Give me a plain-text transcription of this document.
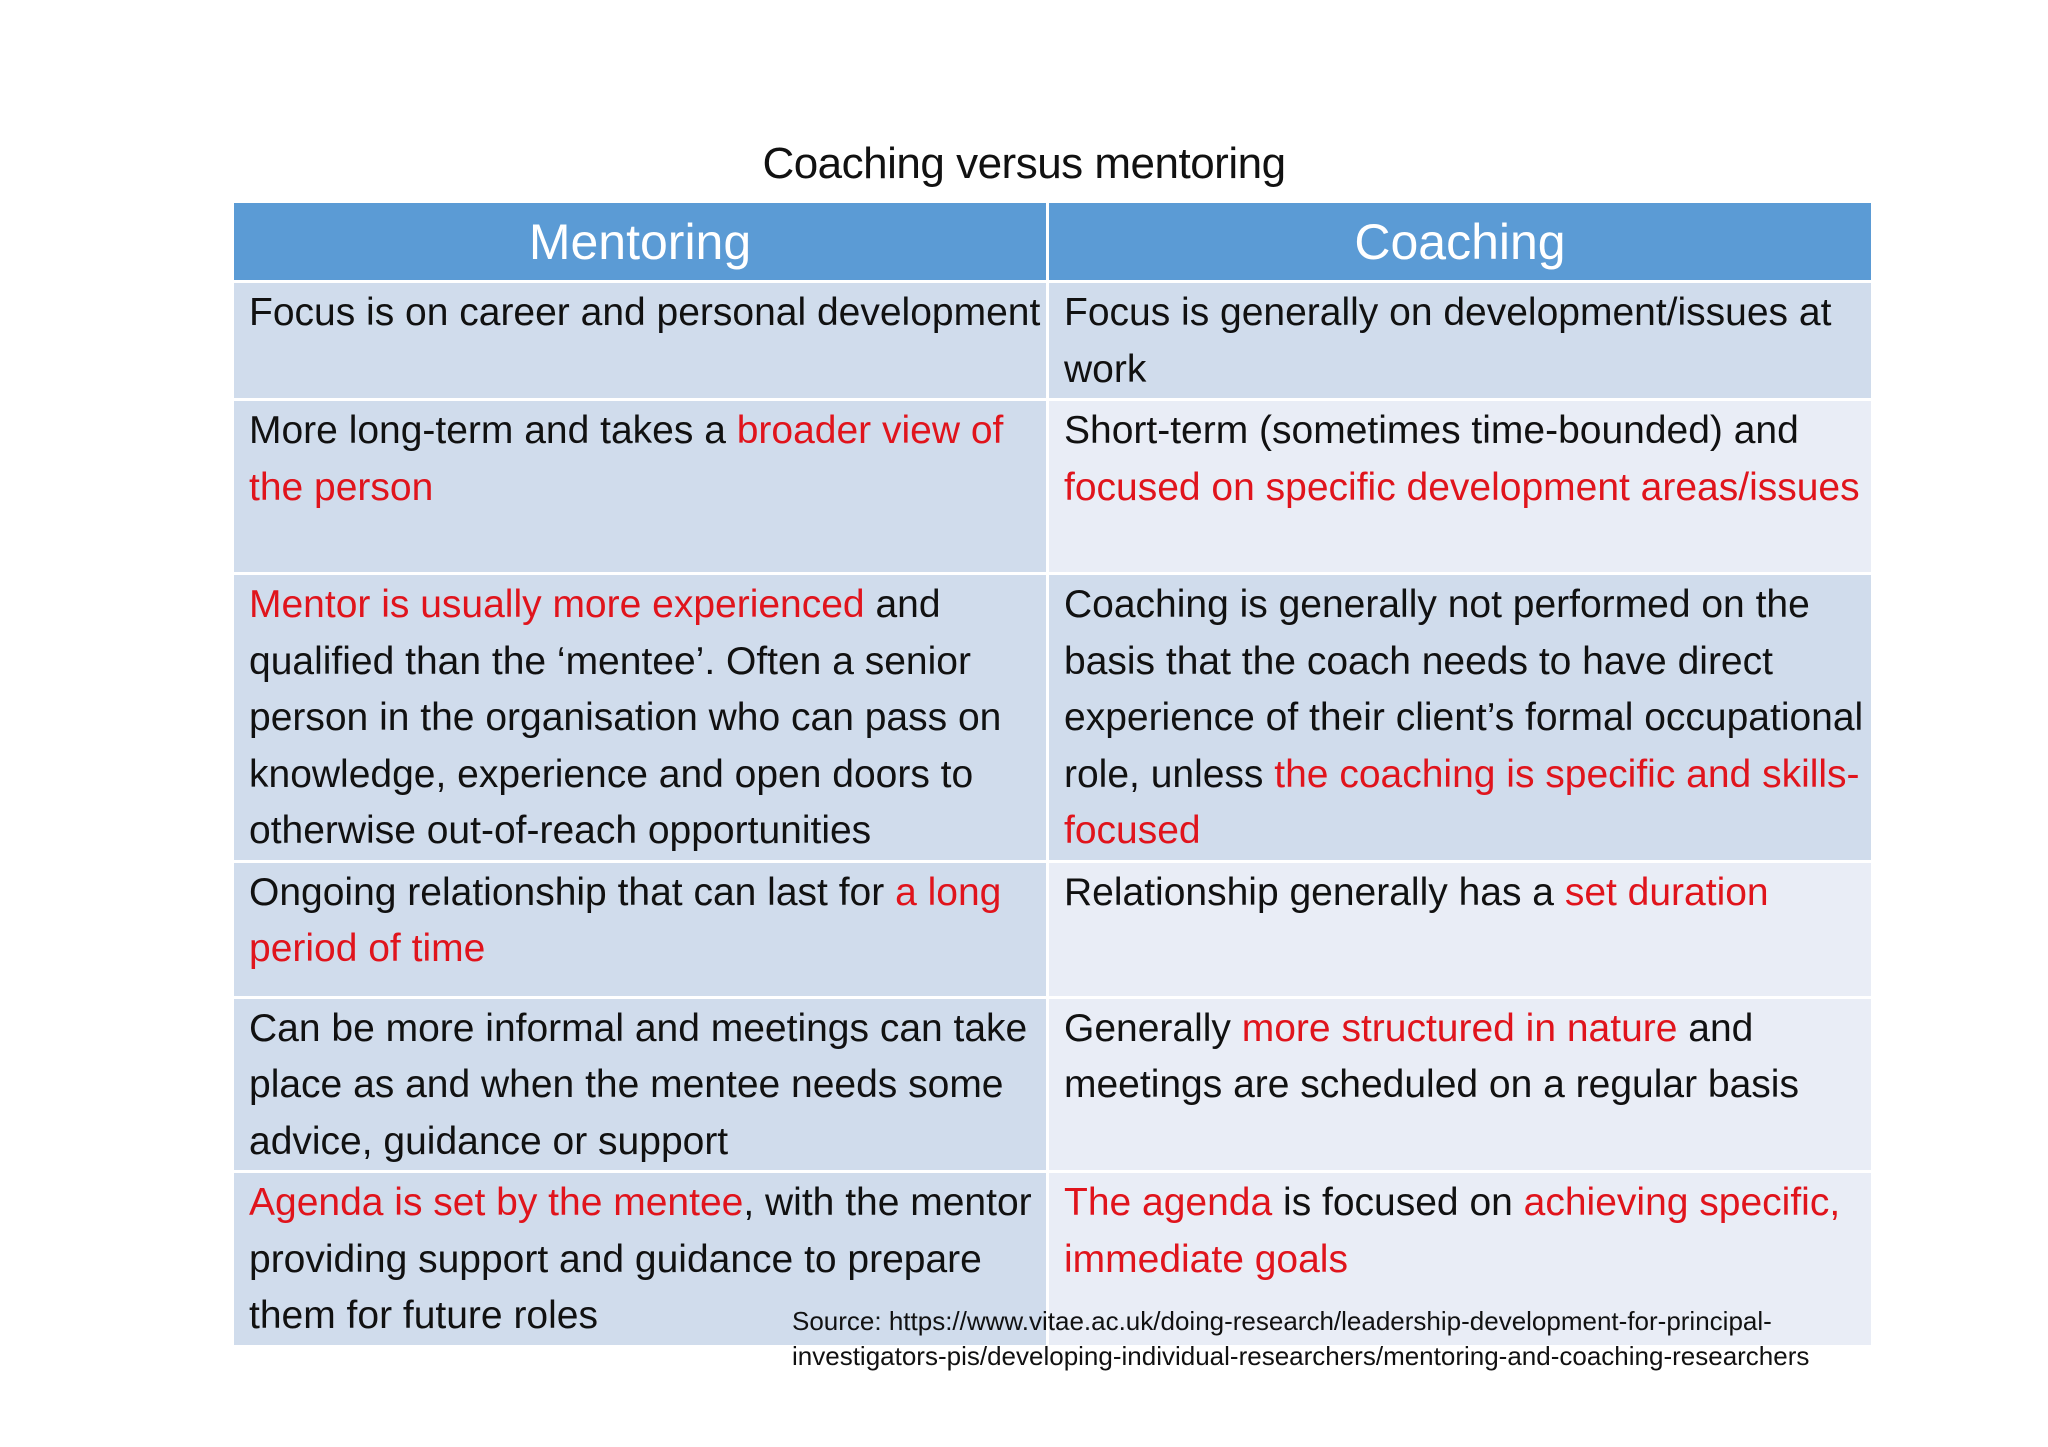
Coaching versus mentoring
Mentoring	Coaching
Focus is on career and personal development	Focus is generally on development/issues at work
More long-term and takes a broader view of the person	Short-term (sometimes time-bounded) and focused on specific development areas/issues
Mentor is usually more experienced and qualified than the ‘mentee’. Often a senior person in the organisation who can pass on knowledge, experience and open doors to otherwise out-of-reach opportunities	Coaching is generally not performed on the basis that the coach needs to have direct experience of their client’s formal occupational role, unless the coaching is specific and skills-focused
Ongoing relationship that can last for a long period of time	Relationship generally has a set duration
Can be more informal and meetings can take place as and when the mentee needs some advice, guidance or support	Generally more structured in nature and meetings are scheduled on a regular basis
Agenda is set by the mentee, with the mentor providing support and guidance to prepare them for future roles	The agenda is focused on achieving specific, immediate goals
Source: https://www.vitae.ac.uk/doing-research/leadership-development-for-principal-
investigators-pis/developing-individual-researchers/mentoring-and-coaching-researchers
